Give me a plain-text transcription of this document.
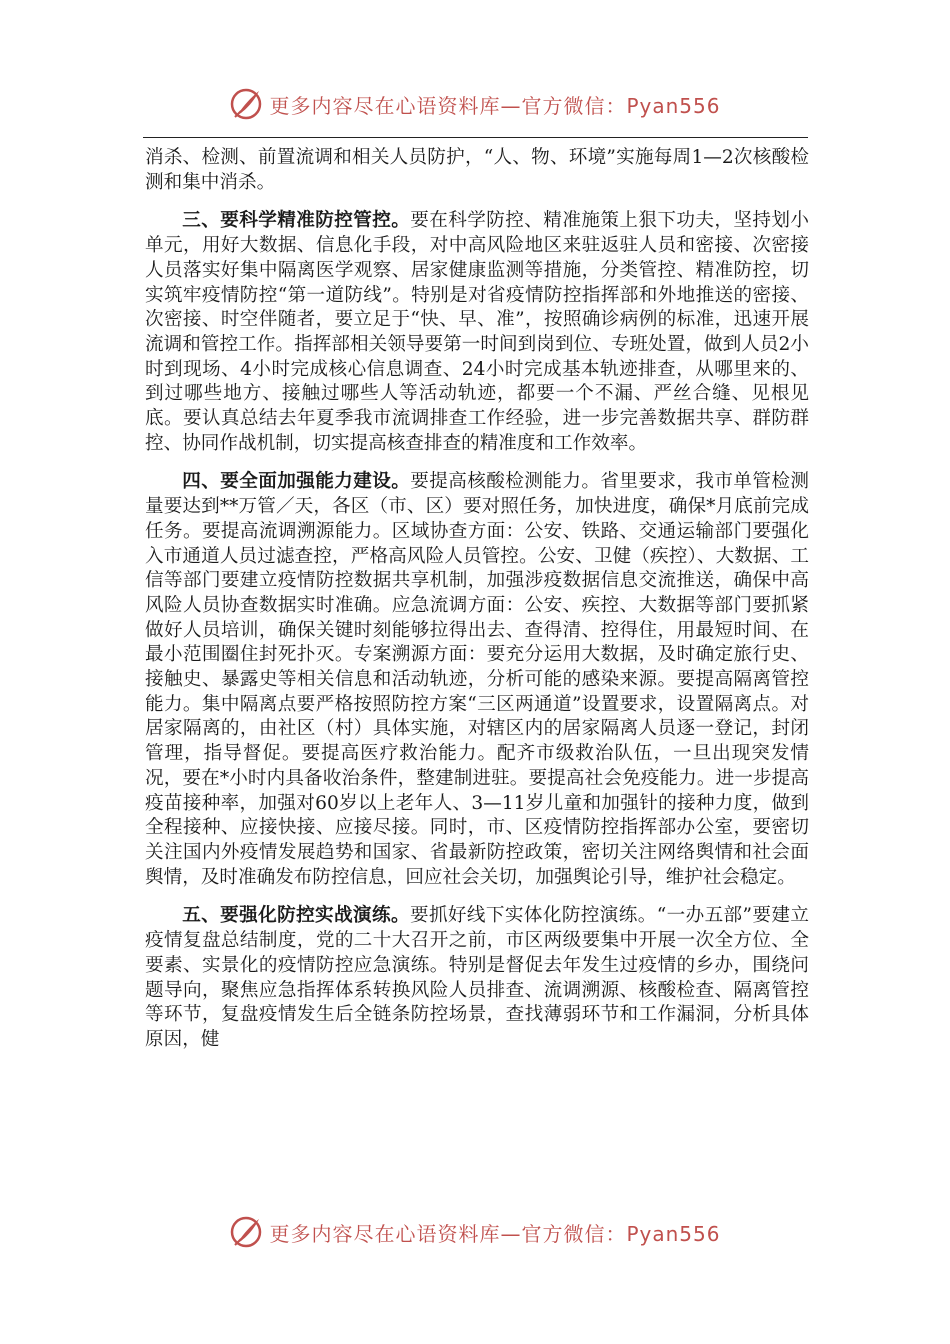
更多内容尽在心语资料库—官方微信：Pyan556

消杀、检测、前置流调和相关人员防护，“人、物、环境”实施每周1—2次核酸检测和集中消杀。

三、要科学精准防控管控。要在科学防控、精准施策上狠下功夫，坚持划小单元，用好大数据、信息化手段，对中高风险地区来驻返驻人员和密接、次密接人员落实好集中隔离医学观察、居家健康监测等措施，分类管控、精准防控，切实筑牢疫情防控“第一道防线”。特别是对省疫情防控指挥部和外地推送的密接、次密接、时空伴随者，要立足于“快、早、准”，按照确诊病例的标准，迅速开展流调和管控工作。指挥部相关领导要第一时间到岗到位、专班处置，做到人员2小时到现场、4小时完成核心信息调查、24小时完成基本轨迹排查，从哪里来的、到过哪些地方、接触过哪些人等活动轨迹，都要一个不漏、严丝合缝、见根见底。要认真总结去年夏季我市流调排查工作经验，进一步完善数据共享、群防群控、协同作战机制，切实提高核查排查的精准度和工作效率。

四、要全面加强能力建设。要提高核酸检测能力。省里要求，我市单管检测量要达到**万管／天，各区（市、区）要对照任务，加快进度，确保*月底前完成任务。要提高流调溯源能力。区域协查方面：公安、铁路、交通运输部门要强化入市通道人员过滤查控，严格高风险人员管控。公安、卫健（疾控）、大数据、工信等部门要建立疫情防控数据共享机制，加强涉疫数据信息交流推送，确保中高风险人员协查数据实时准确。应急流调方面：公安、疾控、大数据等部门要抓紧做好人员培训，确保关键时刻能够拉得出去、查得清、控得住，用最短时间、在最小范围圈住封死扑灭。专案溯源方面：要充分运用大数据，及时确定旅行史、接触史、暴露史等相关信息和活动轨迹，分析可能的感染来源。要提高隔离管控能力。集中隔离点要严格按照防控方案“三区两通道”设置要求，设置隔离点。对居家隔离的，由社区（村）具体实施，对辖区内的居家隔离人员逐一登记，封闭管理，指导督促。要提高医疗救治能力。配齐市级救治队伍，一旦出现突发情况，要在*小时内具备收治条件，整建制进驻。要提高社会免疫能力。进一步提高疫苗接种率，加强对60岁以上老年人、3—11岁儿童和加强针的接种力度，做到全程接种、应接快接、应接尽接。同时，市、区疫情防控指挥部办公室，要密切关注国内外疫情发展趋势和国家、省最新防控政策，密切关注网络舆情和社会面舆情，及时准确发布防控信息，回应社会关切，加强舆论引导，维护社会稳定。

五、要强化防控实战演练。要抓好线下实体化防控演练。“一办五部”要建立疫情复盘总结制度，党的二十大召开之前，市区两级要集中开展一次全方位、全要素、实景化的疫情防控应急演练。特别是督促去年发生过疫情的乡办，围绕问题导向，聚焦应急指挥体系转换风险人员排查、流调溯源、核酸检查、隔离管控等环节，复盘疫情发生后全链条防控场景，查找薄弱环节和工作漏洞，分析具体原因，健

更多内容尽在心语资料库—官方微信：Pyan556
